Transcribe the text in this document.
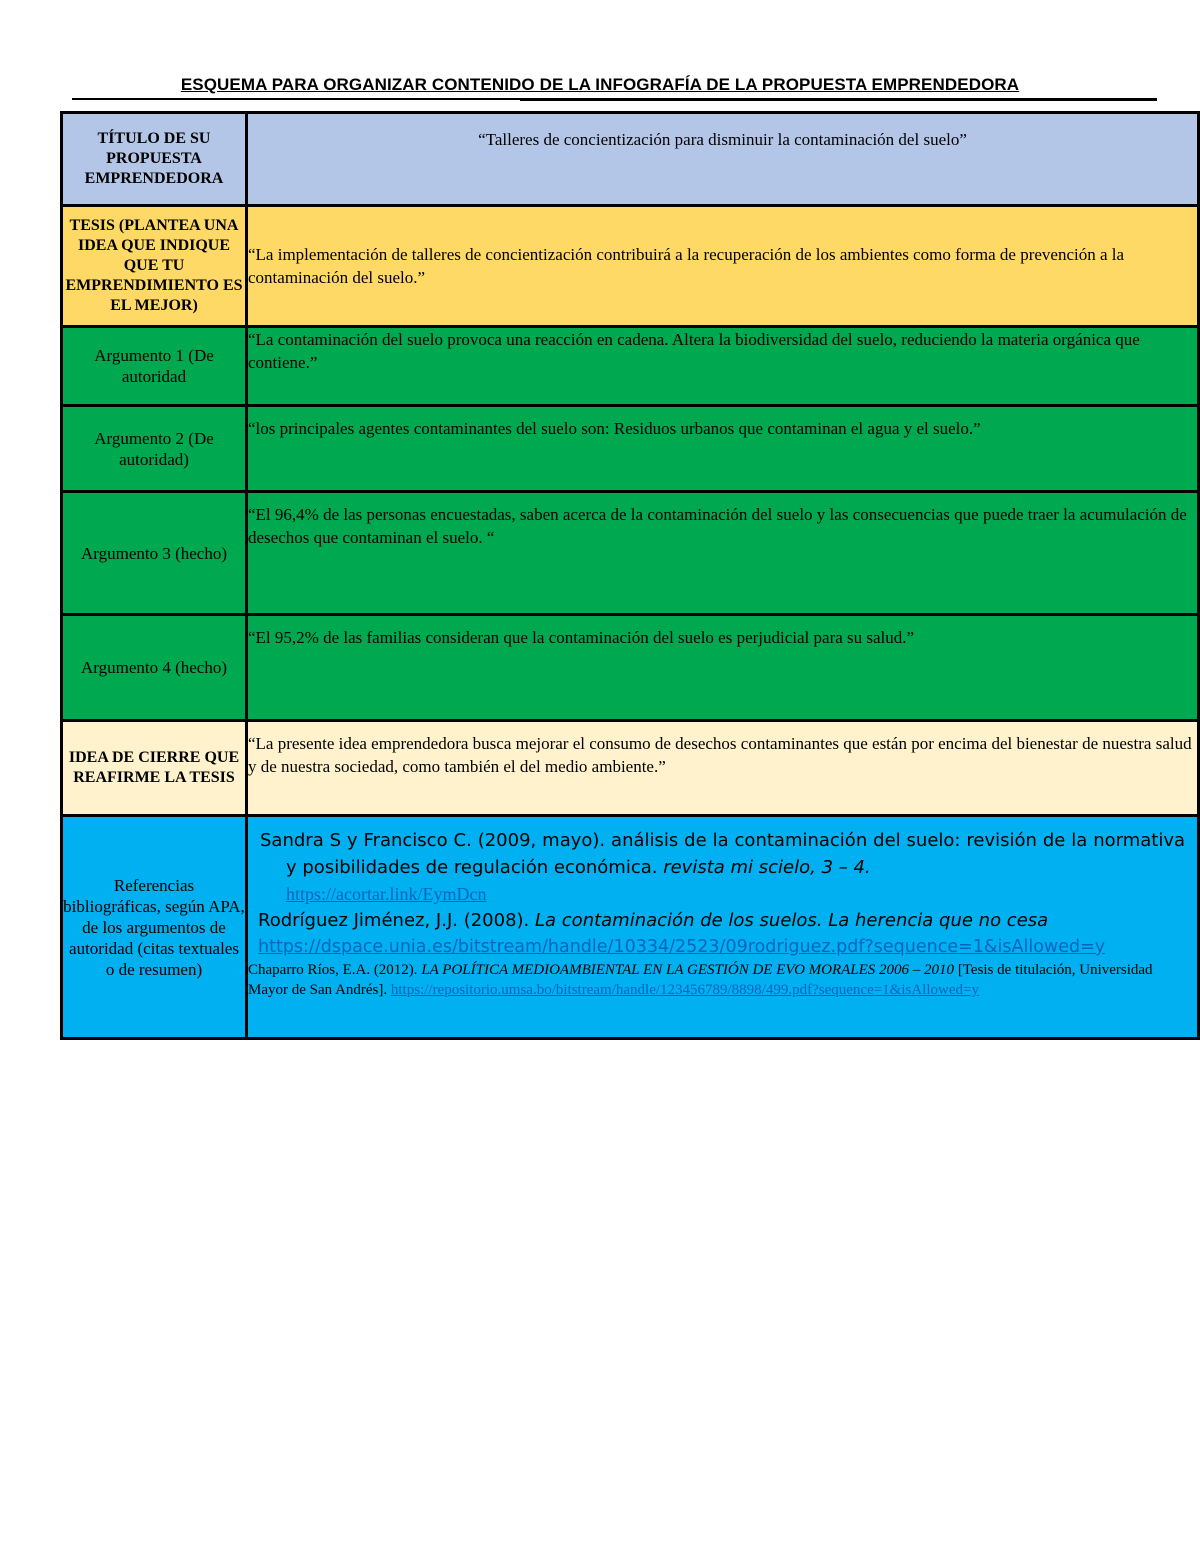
ESQUEMA PARA ORGANIZAR CONTENIDO DE LA INFOGRAFÍA DE LA PROPUESTA EMPRENDEDORA
TÍTULO DE SU PROPUESTA EMPRENDEDORA	“Talleres de concientización para disminuir la contaminación del suelo”
TESIS (PLANTEA UNA IDEA QUE INDIQUE QUE TU EMPRENDIMIENTO ES EL MEJOR)	“La implementación de talleres de concientización contribuirá a la recuperación de los ambientes como forma de prevención a la contaminación del suelo.”
Argumento 1 (De autoridad	“La contaminación del suelo provoca una reacción en cadena. Altera la biodiversidad del suelo, reduciendo la materia orgánica que contiene.”
Argumento 2 (De autoridad)	“los principales agentes contaminantes del suelo son: Residuos urbanos que contaminan el agua y el suelo.”
Argumento 3 (hecho)	“El 96,4% de las personas encuestadas, saben acerca de la contaminación del suelo y las consecuencias que puede traer la acumulación de desechos que contaminan el suelo. “
Argumento 4 (hecho)	“El 95,2% de las familias consideran que la contaminación del suelo es perjudicial para su salud.”
IDEA DE CIERRE QUE REAFIRME LA TESIS	“La presente idea emprendedora busca mejorar el consumo de desechos contaminantes que están por encima del bienestar de nuestra salud y de nuestra sociedad, como también el del medio ambiente.”
Referencias bibliográficas, según APA, de los argumentos de autoridad (citas textuales o de resumen)	Sandra S y Francisco C. (2009, mayo). análisis de la contaminación del suelo: revisión de la normativa y posibilidades de regulación económica. revista mi scielo, 3 – 4.
https://acortar.link/EymDcn

Rodríguez Jiménez, J.J. (2008). La contaminación de los suelos. La herencia que no cesa

https://dspace.unia.es/bitstream/handle/10334/2523/09rodriguez.pdf?sequence=1&isAllowed=y

Chaparro Ríos, E.A. (2012). LA POLÍTICA MEDIOAMBIENTAL EN LA GESTIÓN DE EVO MORALES 2006 – 2010 [Tesis de titulación, Universidad Mayor de San Andrés]. https://repositorio.umsa.bo/bitstream/handle/123456789/8898/499.pdf?sequence=1&isAllowed=y
